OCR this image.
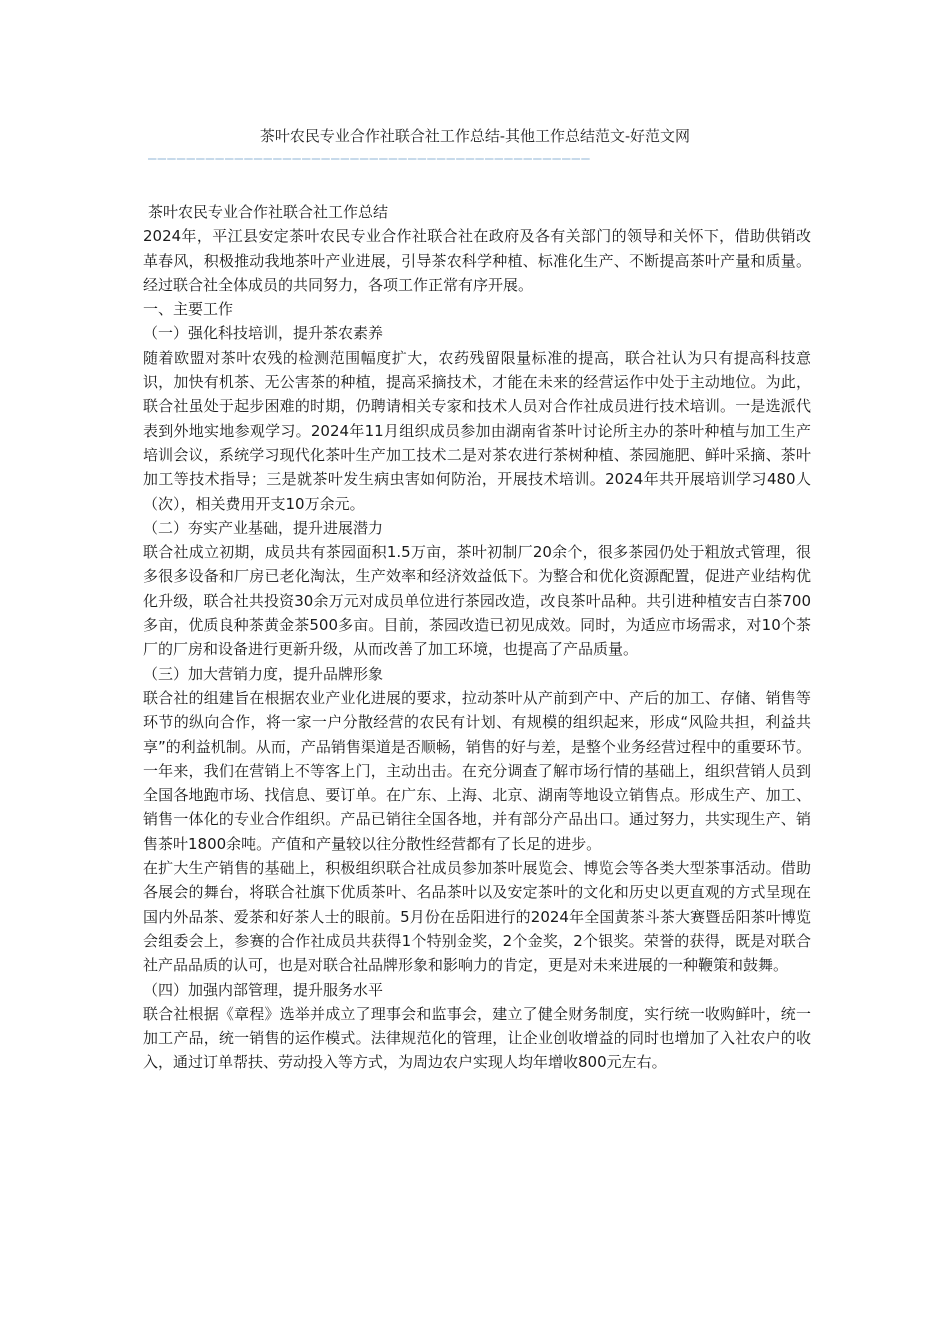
茶叶农民专业合作社联合社工作总结-其他工作总结范文-好范文网
——————————————————————————————————————————————

茶叶农民专业合作社联合社工作总结

2024年，平江县安定茶叶农民专业合作社联合社在政府及各有关部门的领导和关怀下，借助供销改革春风，积极推动我地茶叶产业进展，引导茶农科学种植、标准化生产、不断提高茶叶产量和质量。经过联合社全体成员的共同努力，各项工作正常有序开展。

一、主要工作

（一）强化科技培训，提升茶农素养

随着欧盟对茶叶农残的检测范围幅度扩大，农药残留限量标准的提高，联合社认为只有提高科技意识，加快有机茶、无公害茶的种植，提高采摘技术，才能在未来的经营运作中处于主动地位。为此，联合社虽处于起步困难的时期，仍聘请相关专家和技术人员对合作社成员进行技术培训。一是选派代表到外地实地参观学习。2024年11月组织成员参加由湖南省茶叶讨论所主办的茶叶种植与加工生产培训会议，系统学习现代化茶叶生产加工技术二是对茶农进行茶树种植、茶园施肥、鲜叶采摘、茶叶加工等技术指导；三是就茶叶发生病虫害如何防治，开展技术培训。2024年共开展培训学习480人（次），相关费用开支10万余元。

（二）夯实产业基础，提升进展潜力

联合社成立初期，成员共有茶园面积1.5万亩，茶叶初制厂20余个，很多茶园仍处于粗放式管理，很多很多设备和厂房已老化淘汰，生产效率和经济效益低下。为整合和优化资源配置，促进产业结构优化升级，联合社共投资30余万元对成员单位进行茶园改造，改良茶叶品种。共引进种植安吉白茶700多亩，优质良种茶黄金茶500多亩。目前，茶园改造已初见成效。同时，为适应市场需求，对10个茶厂的厂房和设备进行更新升级，从而改善了加工环境，也提高了产品质量。

（三）加大营销力度，提升品牌形象

联合社的组建旨在根据农业产业化进展的要求，拉动茶叶从产前到产中、产后的加工、存储、销售等环节的纵向合作，将一家一户分散经营的农民有计划、有规模的组织起来，形成“风险共担，利益共享”的利益机制。从而，产品销售渠道是否顺畅，销售的好与差，是整个业务经营过程中的重要环节。一年来，我们在营销上不等客上门，主动出击。在充分调查了解市场行情的基础上，组织营销人员到全国各地跑市场、找信息、要订单。在广东、上海、北京、湖南等地设立销售点。形成生产、加工、销售一体化的专业合作组织。产品已销往全国各地，并有部分产品出口。通过努力，共实现生产、销售茶叶1800余吨。产值和产量较以往分散性经营都有了长足的进步。

在扩大生产销售的基础上，积极组织联合社成员参加茶叶展览会、博览会等各类大型茶事活动。借助各展会的舞台，将联合社旗下优质茶叶、名品茶叶以及安定茶叶的文化和历史以更直观的方式呈现在国内外品茶、爱茶和好茶人士的眼前。5月份在岳阳进行的2024年全国黄茶斗茶大赛暨岳阳茶叶博览会组委会上，参赛的合作社成员共获得1个特别金奖，2个金奖，2个银奖。荣誉的获得，既是对联合社产品品质的认可，也是对联合社品牌形象和影响力的肯定，更是对未来进展的一种鞭策和鼓舞。

（四）加强内部管理，提升服务水平

联合社根据《章程》选举并成立了理事会和监事会，建立了健全财务制度，实行统一收购鲜叶，统一加工产品，统一销售的运作模式。法律规范化的管理，让企业创收增益的同时也增加了入社农户的收入，通过订单帮扶、劳动投入等方式，为周边农户实现人均年增收800元左右。
